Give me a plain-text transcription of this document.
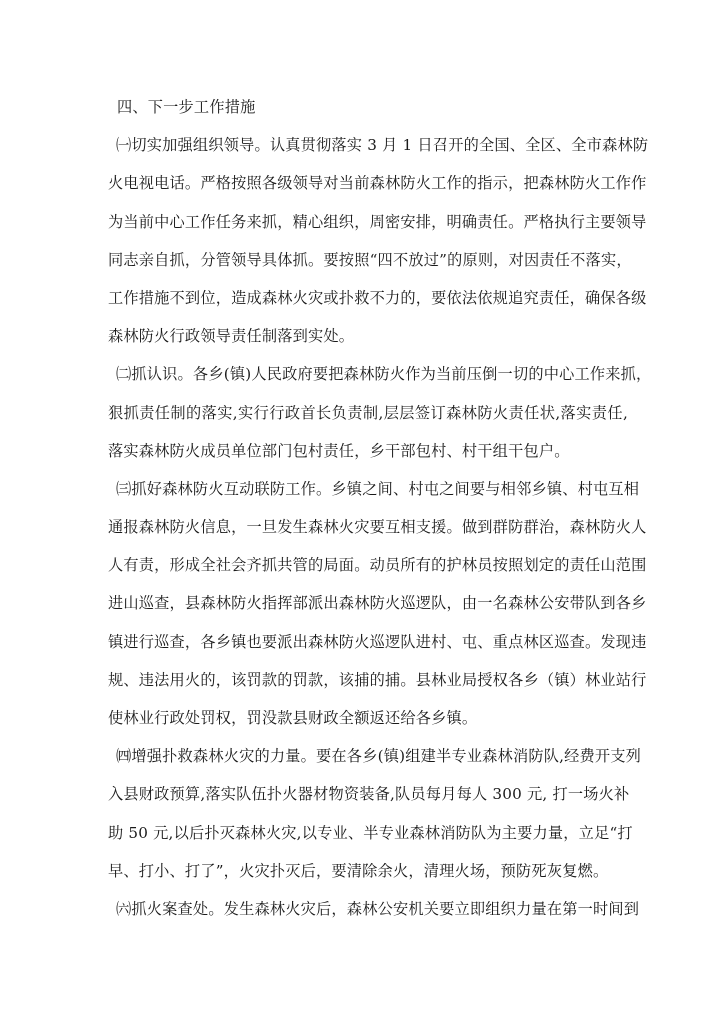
四、下一步工作措施
㈠切实加强组织领导。认真贯彻落实 3 月 1 日召开的全国、全区、全市森林防
火电视电话。严格按照各级领导对当前森林防火工作的指示，把森林防火工作作
为当前中心工作任务来抓，精心组织，周密安排，明确责任。严格执行主要领导
同志亲自抓，分管领导具体抓。要按照“四不放过”的原则，对因责任不落实，
工作措施不到位，造成森林火灾或扑救不力的，要依法依规追究责任，确保各级
森林防火行政领导责任制落到实处。
㈡抓认识。各乡(镇)人民政府要把森林防火作为当前压倒一切的中心工作来抓，
狠抓责任制的落实,实行行政首长负责制,层层签订森林防火责任状,落实责任,
落实森林防火成员单位部门包村责任，乡干部包村、村干组干包户。
㈢抓好森林防火互动联防工作。乡镇之间、村屯之间要与相邻乡镇、村屯互相
通报森林防火信息，一旦发生森林火灾要互相支援。做到群防群治，森林防火人
人有责，形成全社会齐抓共管的局面。动员所有的护林员按照划定的责任山范围
进山巡查，县森林防火指挥部派出森林防火巡逻队，由一名森林公安带队到各乡
镇进行巡查，各乡镇也要派出森林防火巡逻队进村、屯、重点林区巡查。发现违
规、违法用火的，该罚款的罚款，该捕的捕。县林业局授权各乡（镇）林业站行
使林业行政处罚权，罚没款县财政全额返还给各乡镇。
㈣增强扑救森林火灾的力量。要在各乡(镇)组建半专业森林消防队,经费开支列
入县财政预算,落实队伍扑火器材物资装备,队员每月每人 300 元, 打一场火补
助 50 元,以后扑灭森林火灾,以专业、半专业森林消防队为主要力量，立足“打
早、打小、打了”，火灾扑灭后，要清除余火，清理火场，预防死灰复燃。
㈥抓火案查处。发生森林火灾后，森林公安机关要立即组织力量在第一时间到
